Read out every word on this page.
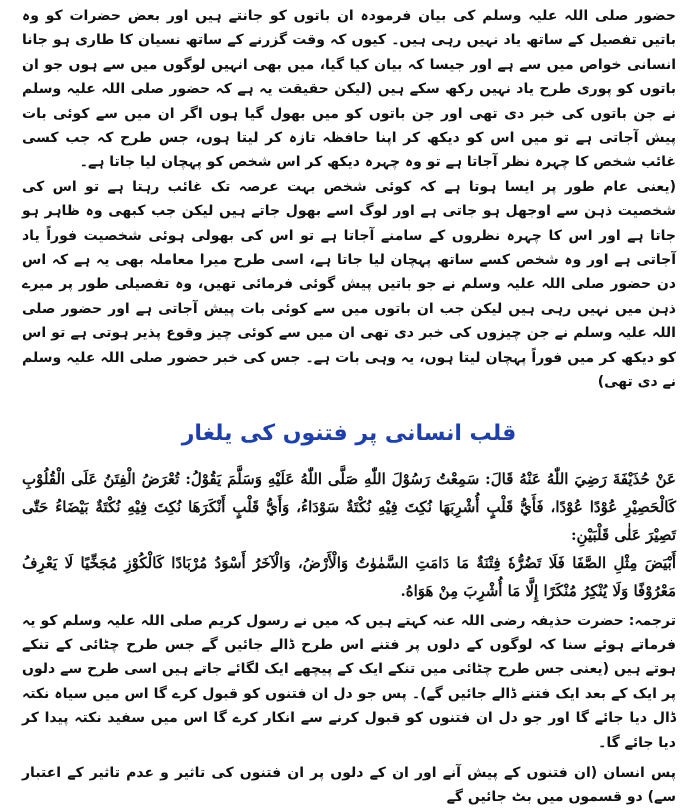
حضور صلی اللہ علیہ وسلم کی بیان فرمودہ ان باتوں کو جانتے ہیں اور بعض حضرات کو وہ باتیں تفصیل کے ساتھ یاد نہیں رہی ہیں۔ کیوں کہ وقت گزرنے کے ساتھ نسیان کا طاری ہو جانا انسانی خواص میں سے ہے اور جیسا کہ بیان کیا گیا، میں بھی انہیں لوگوں میں سے ہوں جو ان باتوں کو پوری طرح یاد نہیں رکھ سکے ہیں (لیکن حقیقت یہ ہے کہ حضور صلی اللہ علیہ وسلم نے جن باتوں کی خبر دی تھی اور جن باتوں کو میں بھول گیا ہوں اگر ان میں سے کوئی بات پیش آجاتی ہے تو میں اس کو دیکھ کر اپنا حافظہ تازہ کر لیتا ہوں، جس طرح کہ جب کسی غائب شخص کا چہرہ نظر آجاتا ہے تو وہ چہرہ دیکھ کر اس شخص کو پہچان لیا جاتا ہے۔

(یعنی عام طور پر ایسا ہوتا ہے کہ کوئی شخص بہت عرصہ تک غائب رہتا ہے تو اس کی شخصیت ذہن سے اوجھل ہو جاتی ہے اور لوگ اسے بھول جاتے ہیں لیکن جب کبھی وہ ظاہر ہو جاتا ہے اور اس کا چہرہ نظروں کے سامنے آجاتا ہے تو اس کی بھولی ہوئی شخصیت فوراً یاد آجاتی ہے اور وہ شخص کسے ساتھ پہچان لیا جاتا ہے، اسی طرح میرا معاملہ بھی یہ ہے کہ اس دن حضور صلی اللہ علیہ وسلم نے جو باتیں پیش گوئی فرمائی تھیں، وہ تفصیلی طور پر میرے ذہن میں نہیں رہی ہیں لیکن جب ان باتوں میں سے کوئی بات پیش آجاتی ہے اور حضور صلی اللہ علیہ وسلم نے جن چیزوں کی خبر دی تھی ان میں سے کوئی چیز وقوع پذیر ہوتی ہے تو اس کو دیکھ کر میں فوراً پہچان لیتا ہوں، یہ وہی بات ہے۔ جس کی خبر حضور صلی اللہ علیہ وسلم نے دی تھی)

قلب انسانی پر فتنوں کی یلغار

عَنْ حُذَيْفَةَ رَضِيَ اللّٰهُ عَنْهُ قَالَ: سَمِعْتُ رَسُوْلَ اللّٰهِ صَلَّى اللّٰهُ عَلَيْهِ وَسَلَّمَ يَقُوْلُ: تُعْرَضُ الْفِتَنُ عَلَى الْقُلُوْبِ كَالْحَصِيْرِ عُوْدًا عُوْدًا، فَأَيُّ قَلْبٍ أُشْرِبَهَا نُكِتَ فِيْهِ نُكْتَةٌ سَوْدَاءُ، وَأَيُّ قَلْبٍ أَنْكَرَهَا نُكِتَ فِيْهِ نُكْتَةٌ بَيْضَاءُ حَتّٰى تَصِيْرَ عَلٰى قَلْبَيْنِ:

أَبْيَضَ مِثْلِ الصَّفَا فَلَا تَضُرُّهٗ فِتْنَةٌ مَا دَامَتِ السَّمٰوٰتُ وَالْأَرْضُ، وَالْآخَرُ أَسْوَدُ مُرْبَادًا كَالْكُوْزِ مُجَخِّيًا لَا يَعْرِفُ مَعْرُوْفًا وَلَا يُنْكِرُ مُنْكَرًا إِلَّا مَا أُشْرِبَ مِنْ هَوَاهُ.

ترجمہ: حضرت حذیفہ رضی اللہ عنہ کہتے ہیں کہ میں نے رسول کریم صلی اللہ علیہ وسلم کو یہ فرماتے ہوئے سنا کہ لوگوں کے دلوں پر فتنے اس طرح ڈالے جائیں گے جس طرح چٹائی کے تنکے ہوتے ہیں (یعنی جس طرح چٹائی میں تنکے ایک کے پیچھے ایک لگائے جاتے ہیں اسی طرح سے دلوں پر ایک کے بعد ایک فتنے ڈالے جائیں گے)۔ پس جو دل ان فتنوں کو قبول کرے گا اس میں سیاہ نکتہ ڈال دیا جائے گا اور جو دل ان فتنوں کو قبول کرنے سے انکار کرے گا اس میں سفید نکتہ پیدا کر دیا جائے گا۔

پس انسان (ان فتنوں کے پیش آنے اور ان کے دلوں پر ان فتنوں کی تاثیر و عدم تاثیر کے اعتبار سے) دو قسموں میں بٹ جائیں گے
